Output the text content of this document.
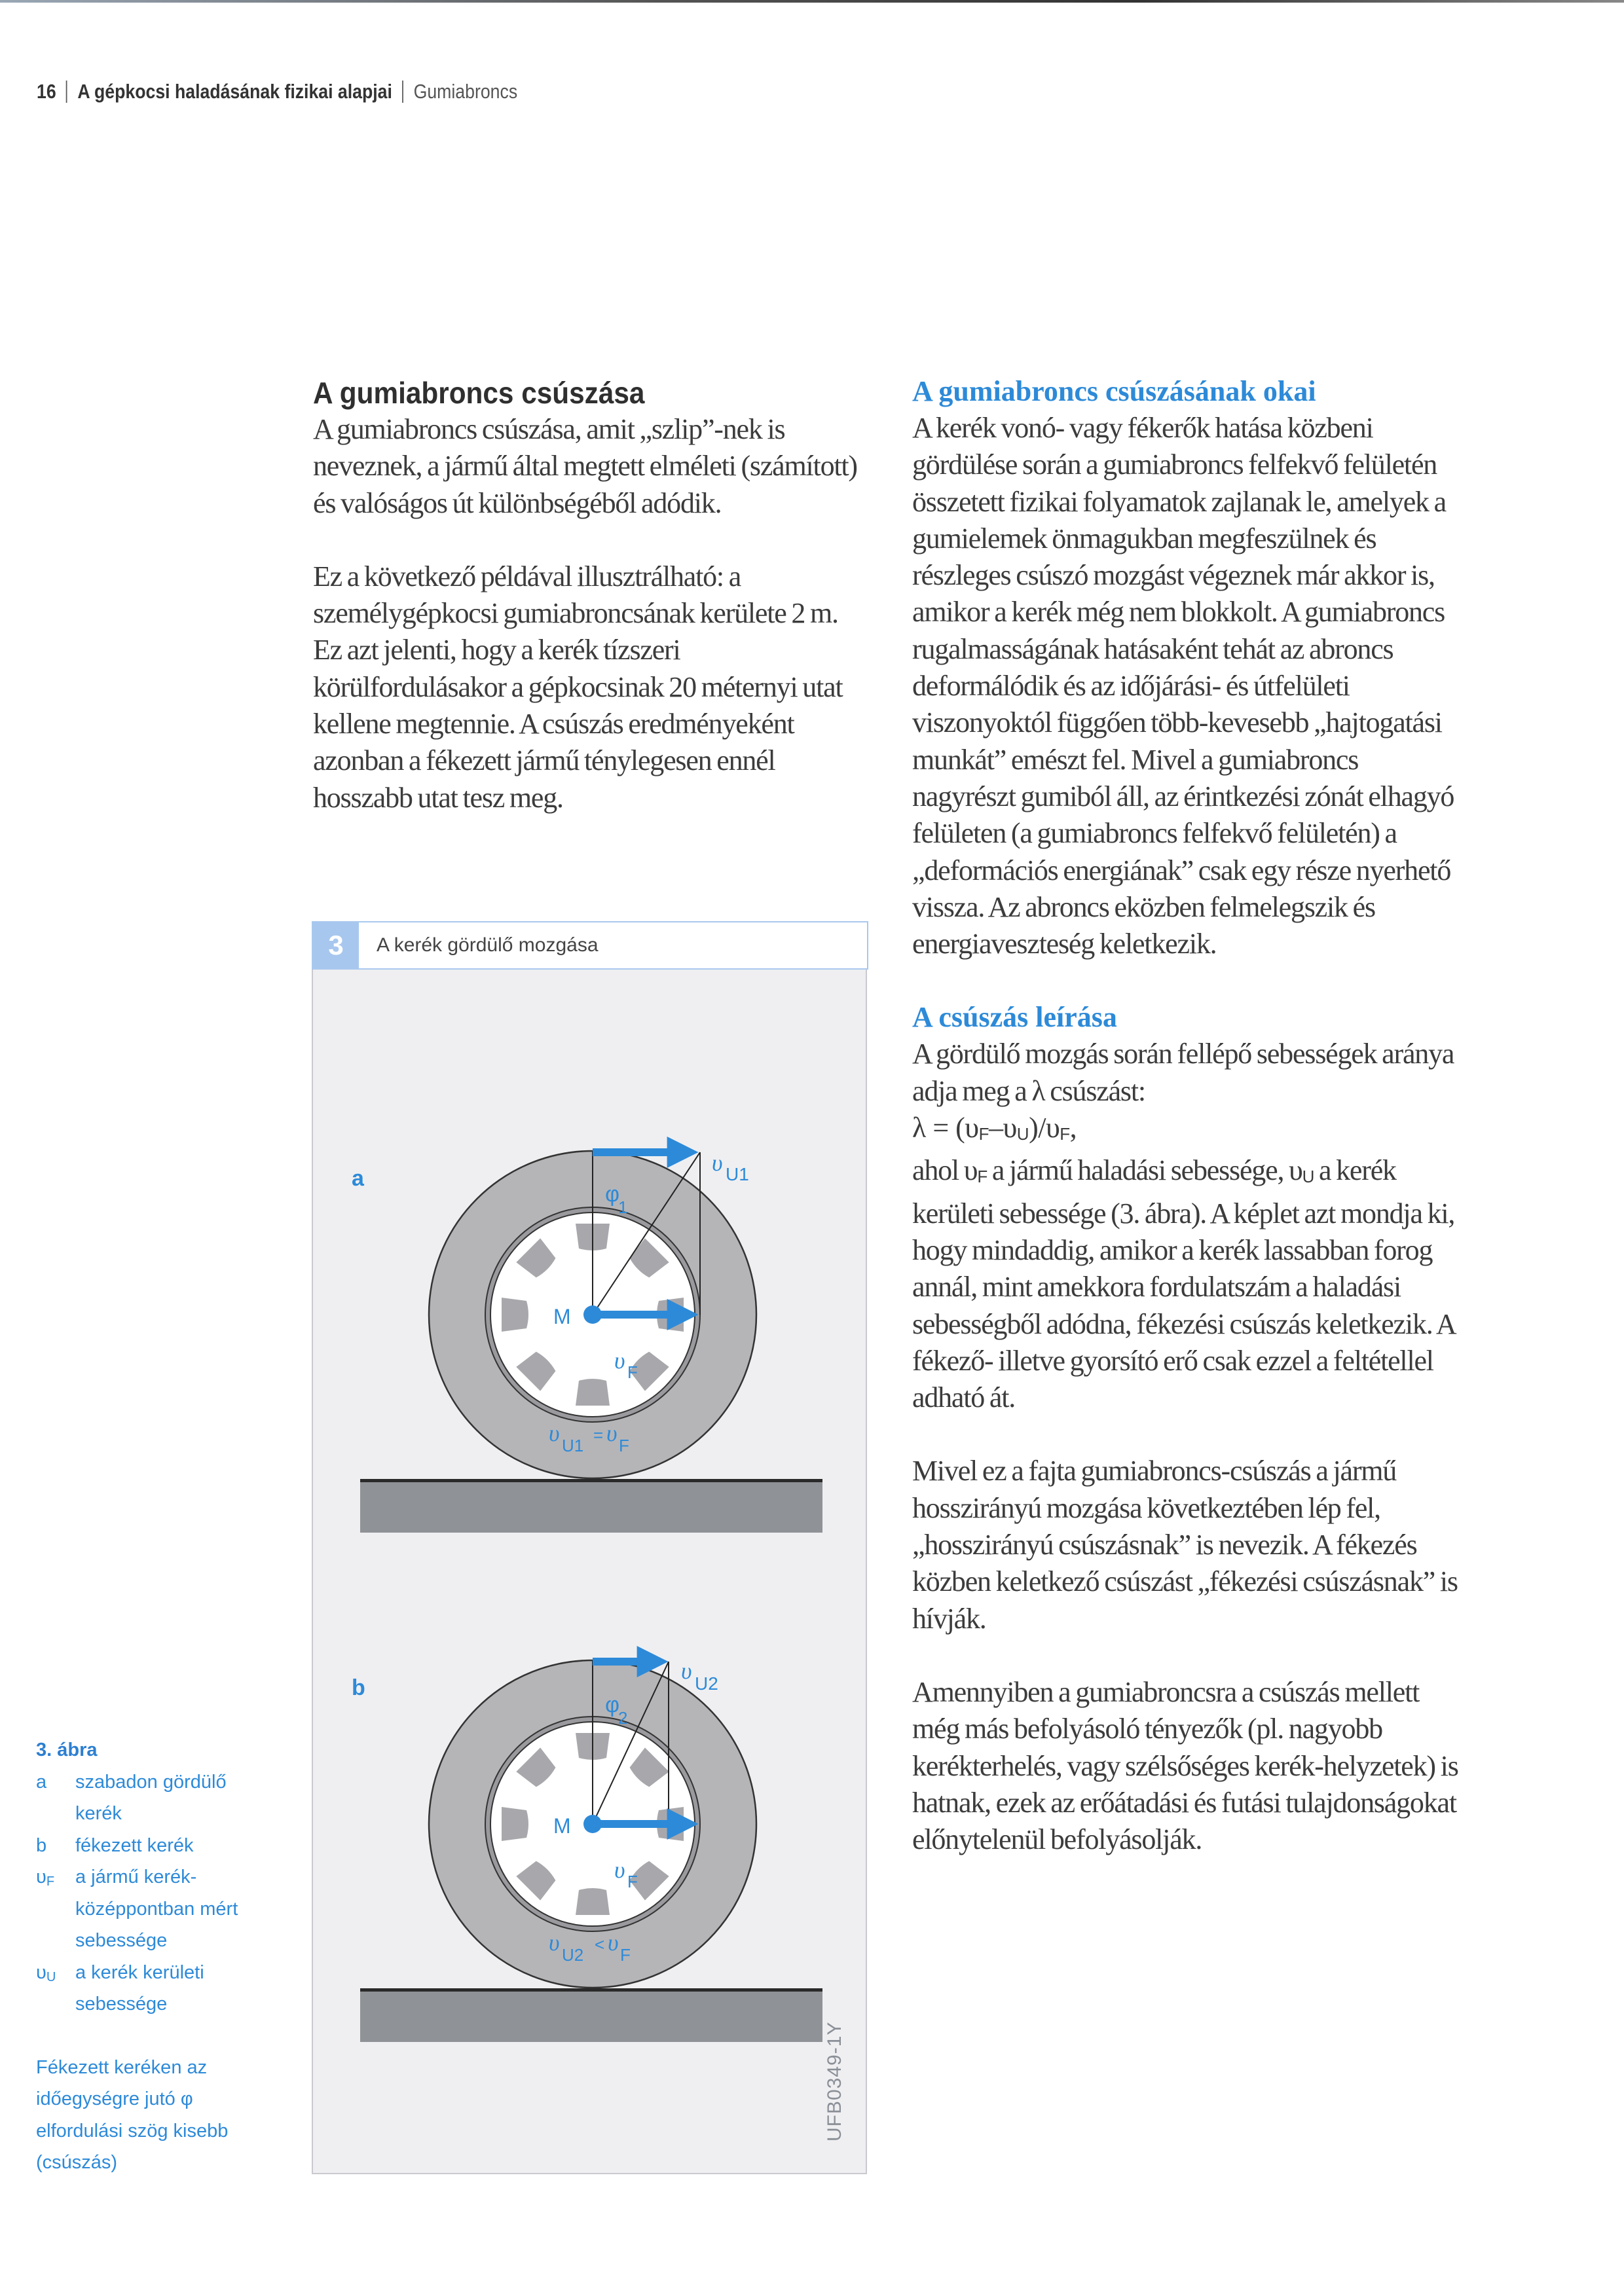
16 A gépkocsi haladásának fizikai alapjai Gumiabroncs
A gumiabroncs csúszása

A gumiabroncs csúszása, amit „szlip”-nek is neveznek, a jármű által megtett elméleti (számított) és valóságos út különbségéből adódik.

Ez a következő példával illusztrálható: a személygépkocsi gumiabroncsának kerülete 2 m. Ez azt jelenti, hogy a kerék tízszeri körülfordulásakor a gépkocsinak 20 méternyi utat kellene megtennie. A csúszás eredményeként azonban a fékezett jármű ténylegesen ennél hosszabb utat tesz meg.

3	A kerék gördülő mozgása
a
υ U1
φ
1
M
υ F
υ U1
= υ F
b
υ U2
φ
2
M
υ F
υ U2
< υ F
UFB0349-1Y
A gumiabroncs csúszásának okai

A kerék vonó- vagy fékerők hatása közbeni gördülése során a gumiabroncs felfekvő felületén összetett fizikai folyamatok zajlanak le, amelyek a gumielemek önmagukban megfeszülnek és részleges csúszó mozgást végeznek már akkor is, amikor a kerék még nem blokkolt. A gumiabroncs rugalmasságának hatásaként tehát az abroncs deformálódik és az időjárási- és útfelületi viszonyoktól függően több-kevesebb „hajtogatási munkát” emészt fel. Mivel a gumiabroncs nagyrészt gumiból áll, az érintkezési zónát elhagyó felületen (a gumiabroncs felfekvő felületén) a „deformációs energiának” csak egy része nyerhető vissza. Az abroncs eközben felmelegszik és energiaveszteség keletkezik.

A csúszás leírása

A gördülő mozgás során fellépő sebességek aránya adja meg a λ csúszást:

$\lambda = (\upsilon_F-\upsilon_U)/\upsilon_F$,

ahol $\upsilon_F$ a jármű haladási sebessége, $\upsilon_U$ a kerék kerületi sebessége (3. ábra). A képlet azt mondja ki, hogy mindaddig, amikor a kerék lassabban forog annál, mint amekkora fordulatszám a haladási sebességből adódna, fékezési csúszás keletkezik. A fékező- illetve gyorsító erő csak ezzel a feltétellel adható át.

Mivel ez a fajta gumiabroncs-csúszás a jármű hosszirányú mozgása következtében lép fel, „hosszirányú csúszásnak” is nevezik. A fékezés közben keletkező csúszást „fékezési csúszásnak” is hívják.

Amennyiben a gumiabroncsra a csúszás mellett még más befolyásoló tényezők (pl. nagyobb kerékterhelés, vagy szélsőséges kerék-helyzetek) is hatnak, ezek az erőátadási és futási tulajdonságokat előnytelenül befolyásolják.

3. ábra
a	szabadon gördülő kerék
b	fékezett kerék
$\upsilon_F$	a jármű kerék-középpontban mért sebessége
$\upsilon_U$	a kerék kerületi sebessége
Fékezett keréken az időegységre jutó φ elfordulási szög kisebb (csúszás)
